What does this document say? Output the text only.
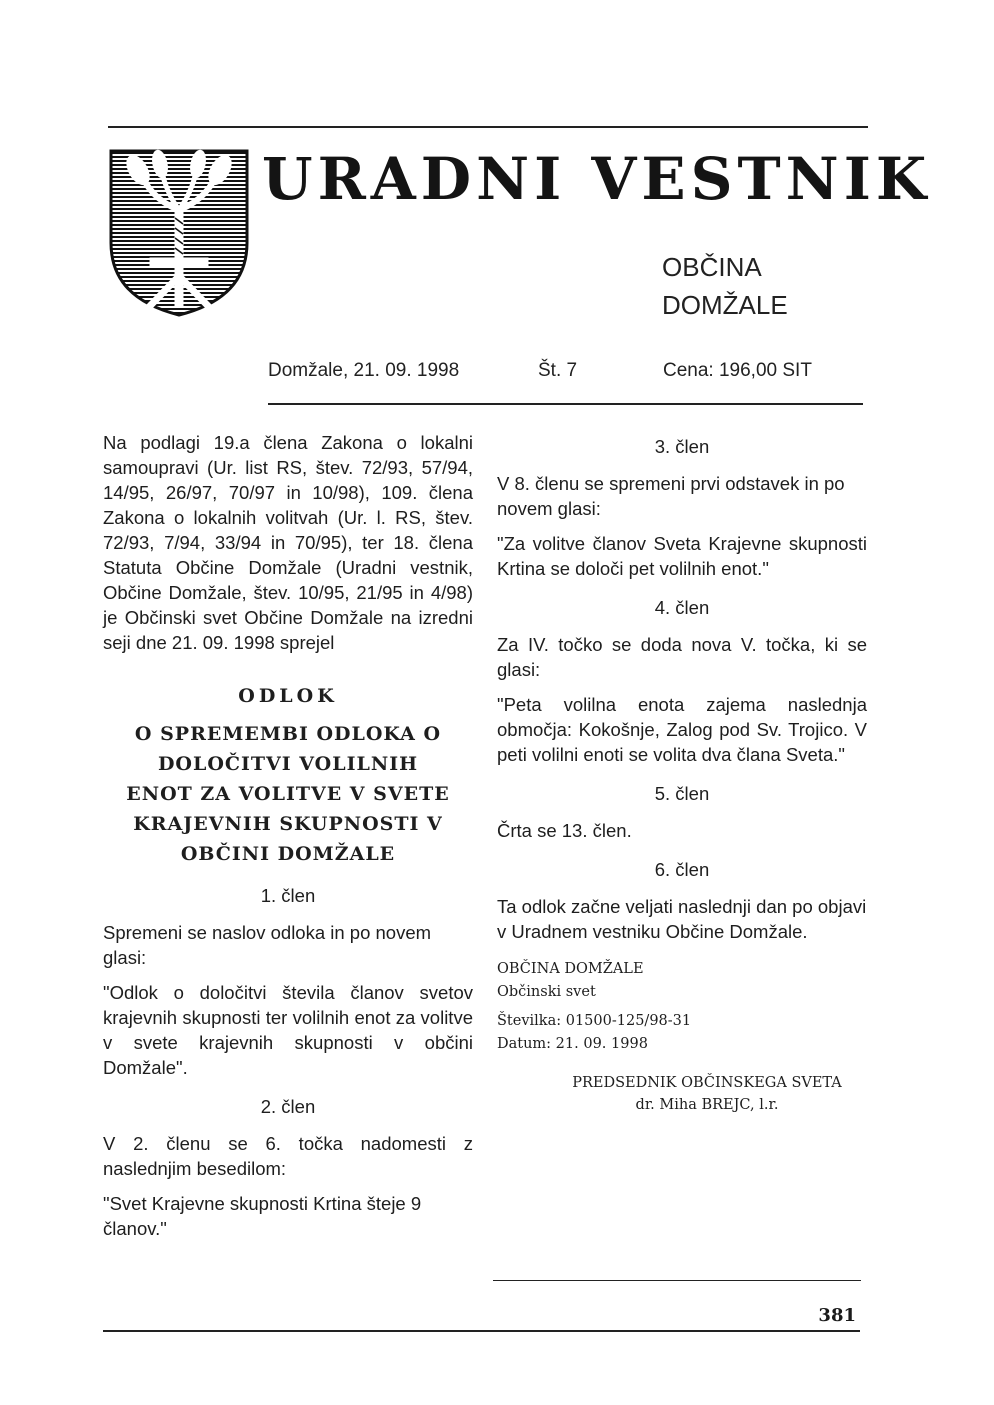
URADNI VESTNIK
OBČINA
DOMŽALE
Domžale, 21. 09. 1998	Št. 7	Cena: 196,00 SIT

Na podlagi 19.a člena Zakona o lokalni samoupravi (Ur. list RS, štev. 72/93, 57/94, 14/95, 26/97, 70/97 in 10/98), 109. člena Zakona o lokalnih volitvah (Ur. l. RS, štev. 72/93, 7/94, 33/94 in 70/95), ter 18. člena Statuta Občine Domžale (Uradni vestnik, Občine Domžale, štev. 10/95, 21/95 in 4/98) je Občinski svet Občine Domžale na izredni seji dne 21. 09. 1998 sprejel

ODLOK

O SPREMEMBI ODLOKA O DOLOČITVI VOLILNIH ENOT ZA VOLITVE V SVETE KRAJEVNIH SKUPNOSTI V OBČINI DOMŽALE

1. člen

Spremeni se naslov odloka in po novem glasi:

"Odlok o določitvi števila članov svetov krajevnih skupnosti ter volilnih enot za volitve v svete krajevnih skupnosti v občini Domžale".

2. člen

V 2. členu se 6. točka nadomesti z naslednjim besedilom:

"Svet Krajevne skupnosti Krtina šteje 9 članov."

3. člen

V 8. členu se spremeni prvi odstavek in po novem glasi:

"Za volitve članov Sveta Krajevne skupnosti Krtina se določi pet volilnih enot."

4. člen

Za IV. točko se doda nova V. točka, ki se glasi:

"Peta volilna enota zajema naslednja območja: Kokošnje, Zalog pod Sv. Trojico. V peti volilni enoti se volita dva člana Sveta."

5. člen

Črta se 13. člen.

6. člen

Ta odlok začne veljati naslednji dan po objavi v Uradnem vestniku Občine Domžale.

OBČINA DOMŽALE

Občinski svet

Številka: 01500-125/98-31

Datum: 21. 09. 1998

PREDSEDNIK OBČINSKEGA SVETA

dr. Miha BREJC, l.r.

381
